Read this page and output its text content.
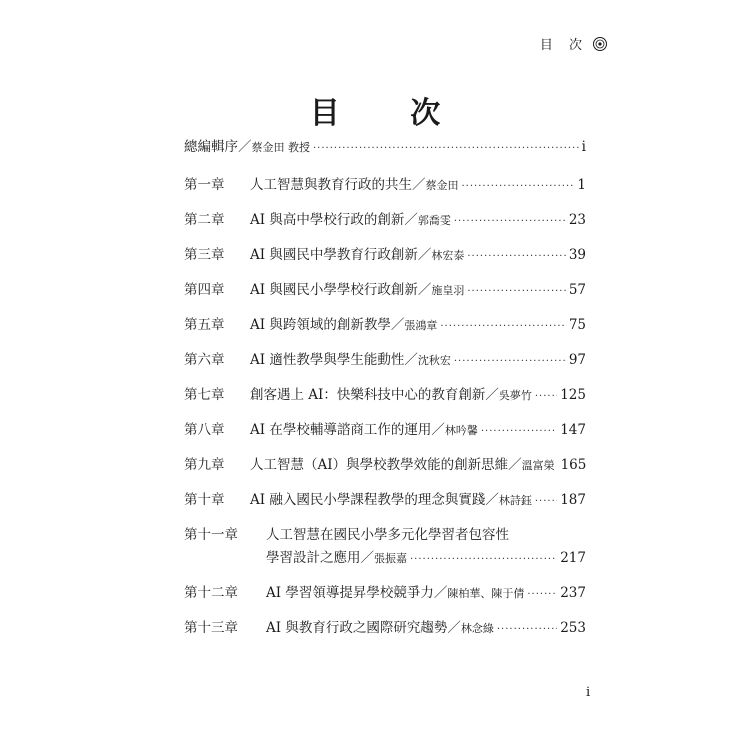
目 次
目 次
總編輯序／ 蔡金田 教授 ·····	i
第一章	人工智慧與教育行政的共生／ 蔡金田 ·····	1
第二章	AI 與高中學校行政的創新／ 郭喬雯 ·····	23
第三章	AI 與國民中學教育行政創新／ 林宏泰 ·····	39
第四章	AI 與國民小學學校行政創新／ 施皇羽 ·····	57
第五章	AI 與跨領域的創新教學／ 張鴻章 ·····	75
第六章	AI 適性教學與學生能動性／ 沈秋宏 ·····	97
第七章	創客遇上 AI：快樂科技中心的教育創新／ 吳夢竹 ····· 125
第八章	AI 在學校輔導諮商工作的運用／ 林吟馨 ·····	147
第九章	人工智慧（AI）與學校教學效能的創新思維／ 溫富榮 165
第十章	AI 融入國民小學課程教學的理念與實踐／ 林詩鈺 ····· 187
第十一章	人工智慧在國民小學多元化學習者包容性
學習設計之應用／ 張振嘉 ·····	217
第十二章	AI 學習領導提昇學校競爭力／ 陳柏華、陳于倩 ·····	237
第十三章	AI 與教育行政之國際研究趨勢／ 林念綠 ·····	253
i
